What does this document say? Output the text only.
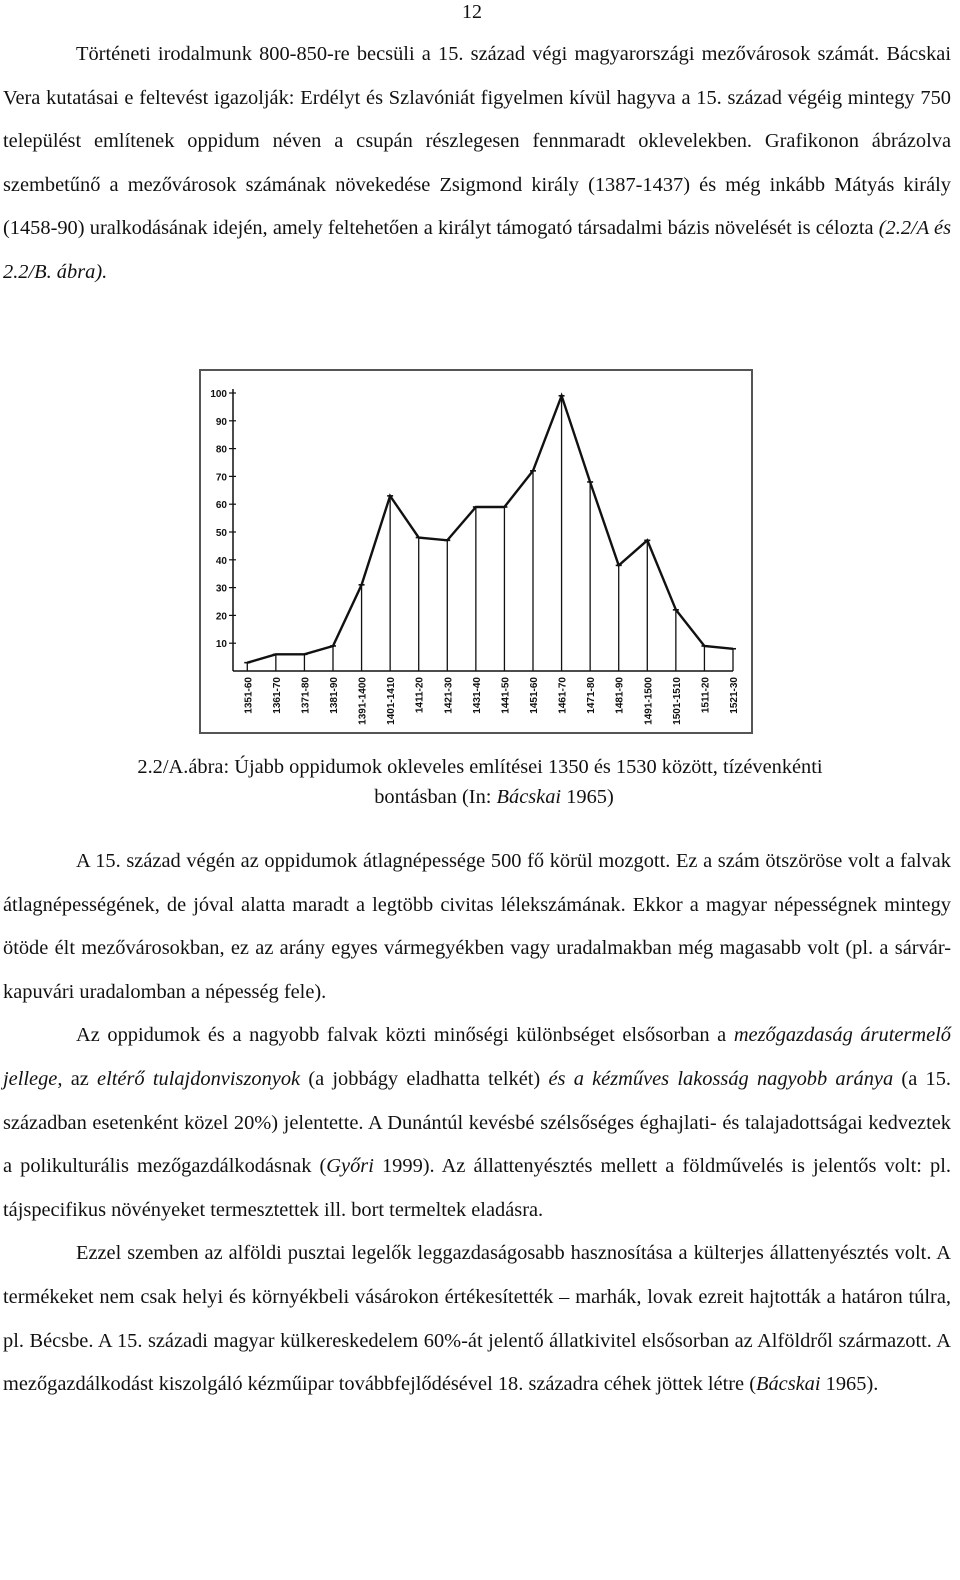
12

Történeti irodalmunk 800-850-re becsüli a 15. század végi magyarországi mezővárosok számát. Bácskai Vera kutatásai e feltevést igazolják: Erdélyt és Szlavóniát figyelmen kívül hagyva a 15. század végéig mintegy 750 települést említenek oppidum néven a csupán részlegesen fennmaradt oklevelekben. Grafikonon ábrázolva szembetűnő a mezővárosok számának növekedése Zsigmond király (1387-1437) és még inkább Mátyás király (1458-90) uralkodásának idején, amely feltehetően a királyt támogató társadalmi bázis növelését is célozta (2.2/A és 2.2/B. ábra).

10
20
30
40
50
60
70
80
90
100
1351-60 1361-70 1371-80 1381-90 1391-1400 1401-1410 1411-20 1421-30 1431-40 1441-50 1451-60 1461-70 1471-80 1481-90 1491-1500 1501-1510 1511-20 1521-30
2.2/A.ábra: Újabb oppidumok okleveles említései 1350 és 1530 között, tízévenkénti
bontásban (In: Bácskai 1965)

A 15. század végén az oppidumok átlagnépessége 500 fő körül mozgott. Ez a szám ötszöröse volt a falvak átlagnépességének, de jóval alatta maradt a legtöbb civitas lélekszámának. Ekkor a magyar népességnek mintegy ötöde élt mezővárosokban, ez az arány egyes vármegyékben vagy uradalmakban még magasabb volt (pl. a sárvár-kapuvári uradalomban a népesség fele).

Az oppidumok és a nagyobb falvak közti minőségi különbséget elsősorban a mezőgazdaság árutermelő jellege, az eltérő tulajdonviszonyok (a jobbágy eladhatta telkét) és a kézműves lakosság nagyobb aránya (a 15. században esetenként közel 20%) jelentette. A Dunántúl kevésbé szélsőséges éghajlati- és talajadottságai kedveztek a polikulturális mezőgazdálkodásnak (Győri 1999). Az állattenyésztés mellett a földművelés is jelentős volt: pl. tájspecifikus növényeket termesztettek ill. bort termeltek eladásra.

Ezzel szemben az alföldi pusztai legelők leggazdaságosabb hasznosítása a külterjes állattenyésztés volt. A termékeket nem csak helyi és környékbeli vásárokon értékesítették – marhák, lovak ezreit hajtották a határon túlra, pl. Bécsbe. A 15. századi magyar külkereskedelem 60%-át jelentő állatkivitel elsősorban az Alföldről származott. A mezőgazdálkodást kiszolgáló kézműipar továbbfejlődésével 18. századra céhek jöttek létre (Bácskai 1965).
